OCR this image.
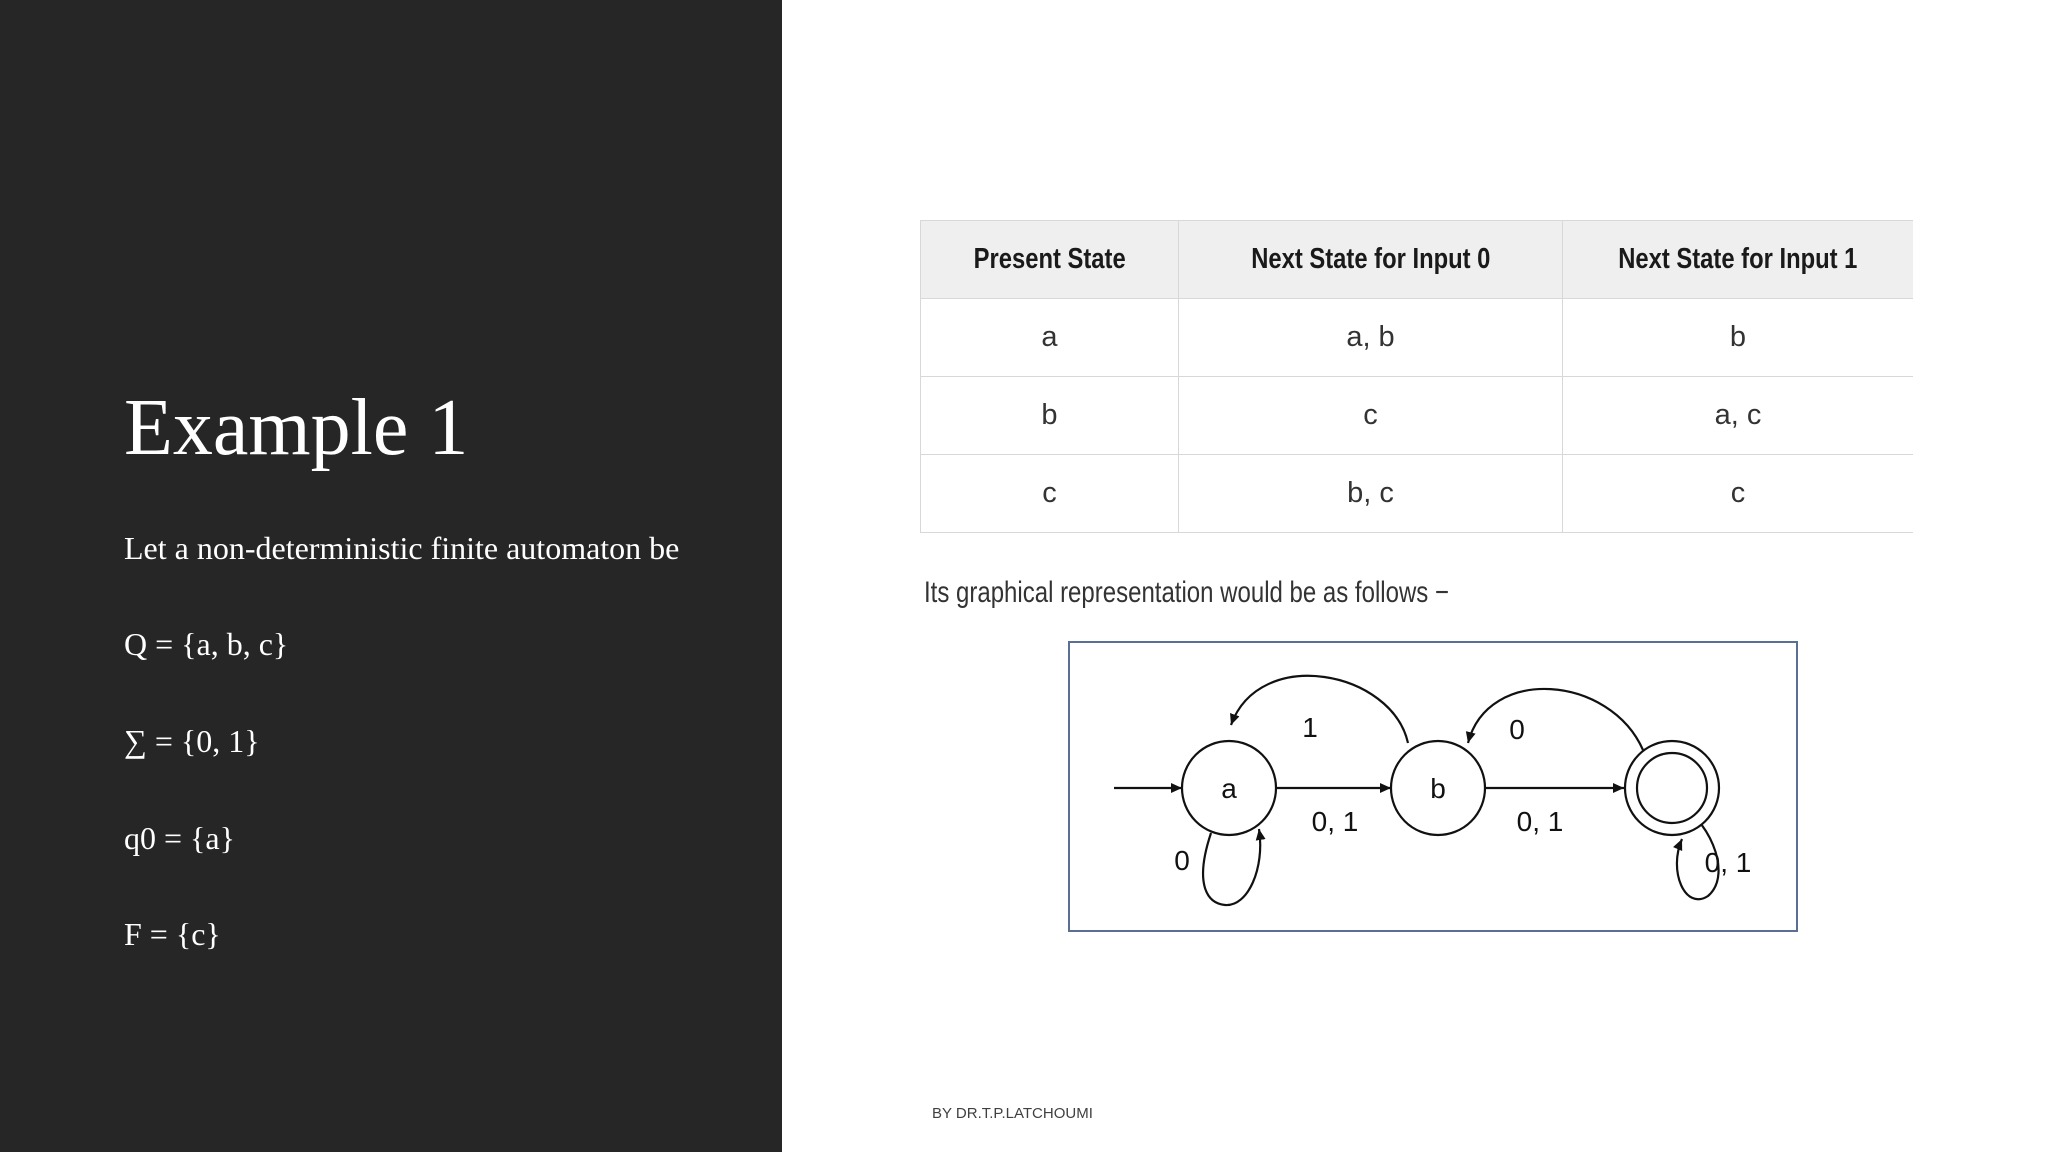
Example 1

Let a non-deterministic finite automaton be

Q = {a, b, c}

∑ = {0, 1}

q0 = {a}

F = {c}

Present State	Next State for Input 0	Next State for Input 1
a	a, b	b
b	c	a, c
c	b, c	c

Its graphical representation would be as follows −

a	b
1	0
0, 1	0, 1
0	0, 1

BY DR.T.P.LATCHOUMI
